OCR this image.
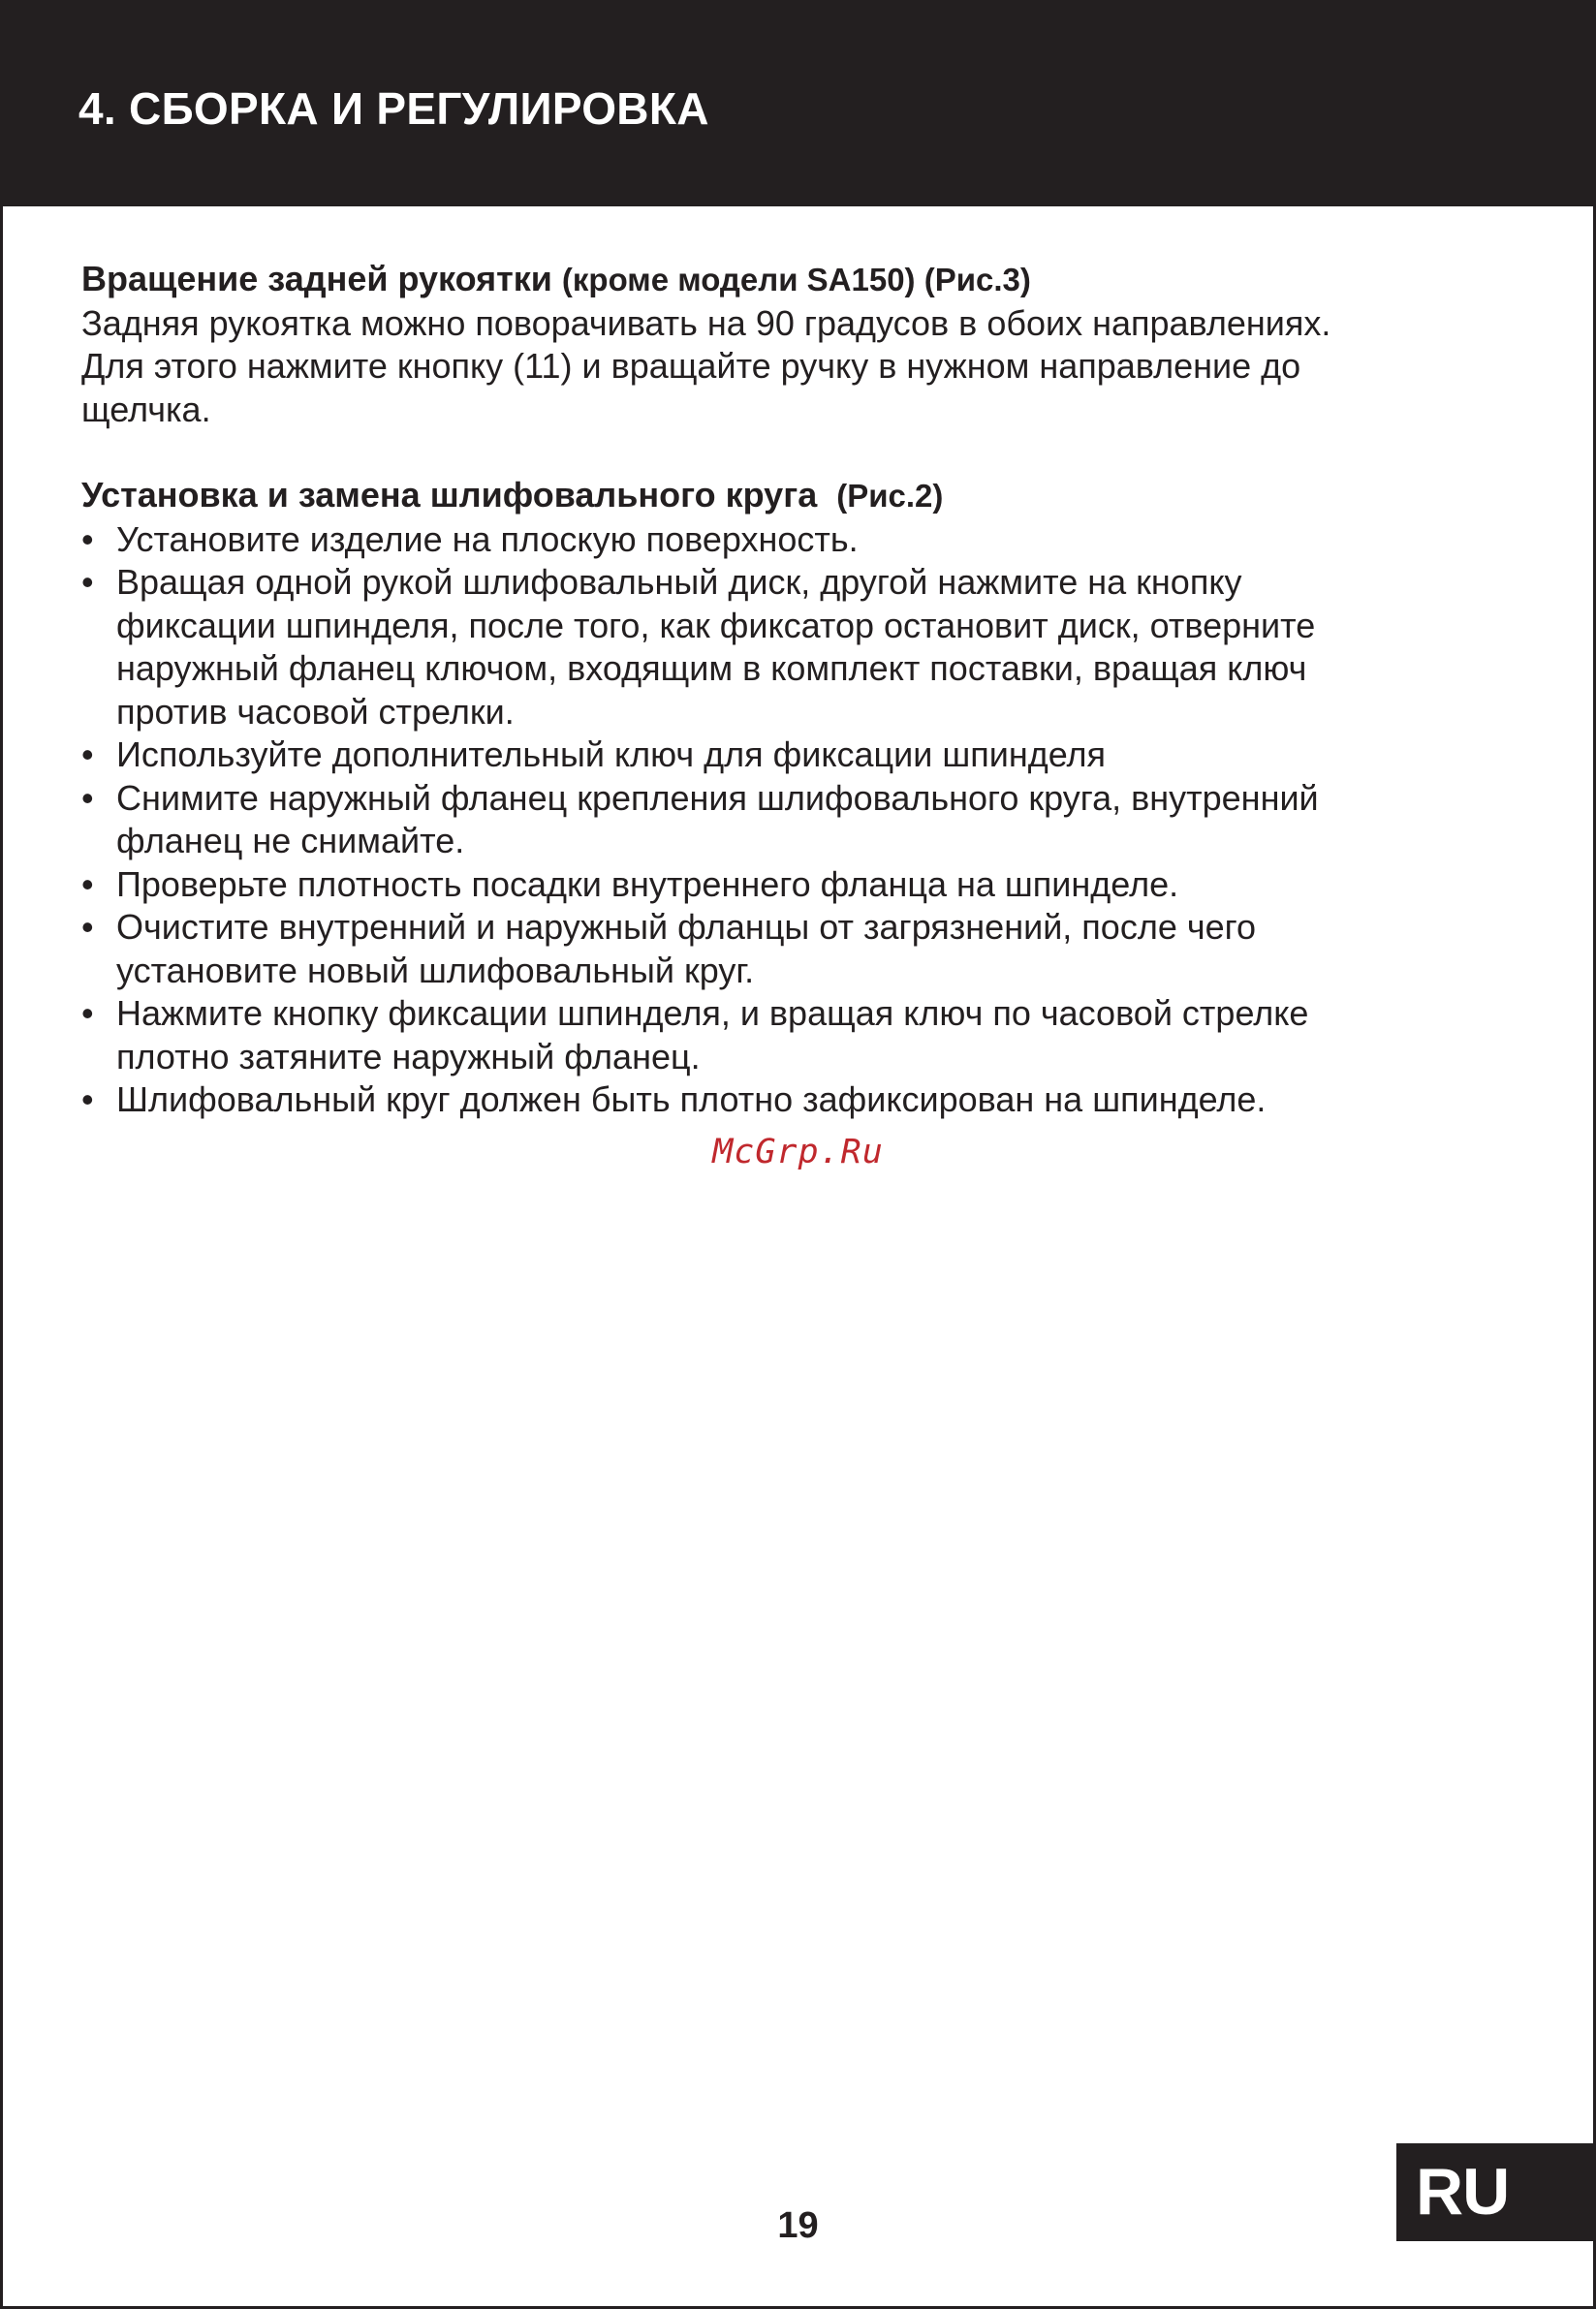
4. СБОРКА И РЕГУЛИРОВКА
Вращение задней рукоятки (кроме модели SA150) (Рис.3)

Задняя рукоятка можно поворачивать на 90 градусов в обоих направлениях.
Для этого нажмите кнопку (11) и вращайте ручку в нужном направление до
щелчка.

Установка и замена шлифовального круга (Рис.2)
• Установите изделие на плоскую поверхность.
• Вращая одной рукой шлифовальный диск, другой нажмите на кнопку
фиксации шпинделя, после того, как фиксатор остановит диск, отверните
наружный фланец ключом, входящим в комплект поставки, вращая ключ
против часовой стрелки.
• Используйте дополнительный ключ для фиксации шпинделя
• Снимите наружный фланец крепления шлифовального круга, внутренний
фланец не снимайте.
• Проверьте плотность посадки внутреннего фланца на шпинделе.
• Очистите внутренний и наружный фланцы от загрязнений, после чего
установите новый шлифовальный круг.
• Нажмите кнопку фиксации шпинделя, и вращая ключ по часовой стрелке
плотно затяните наружный фланец.
• Шлифовальный круг должен быть плотно зафиксирован на шпинделе.
McGrp.Ru
19	RU
